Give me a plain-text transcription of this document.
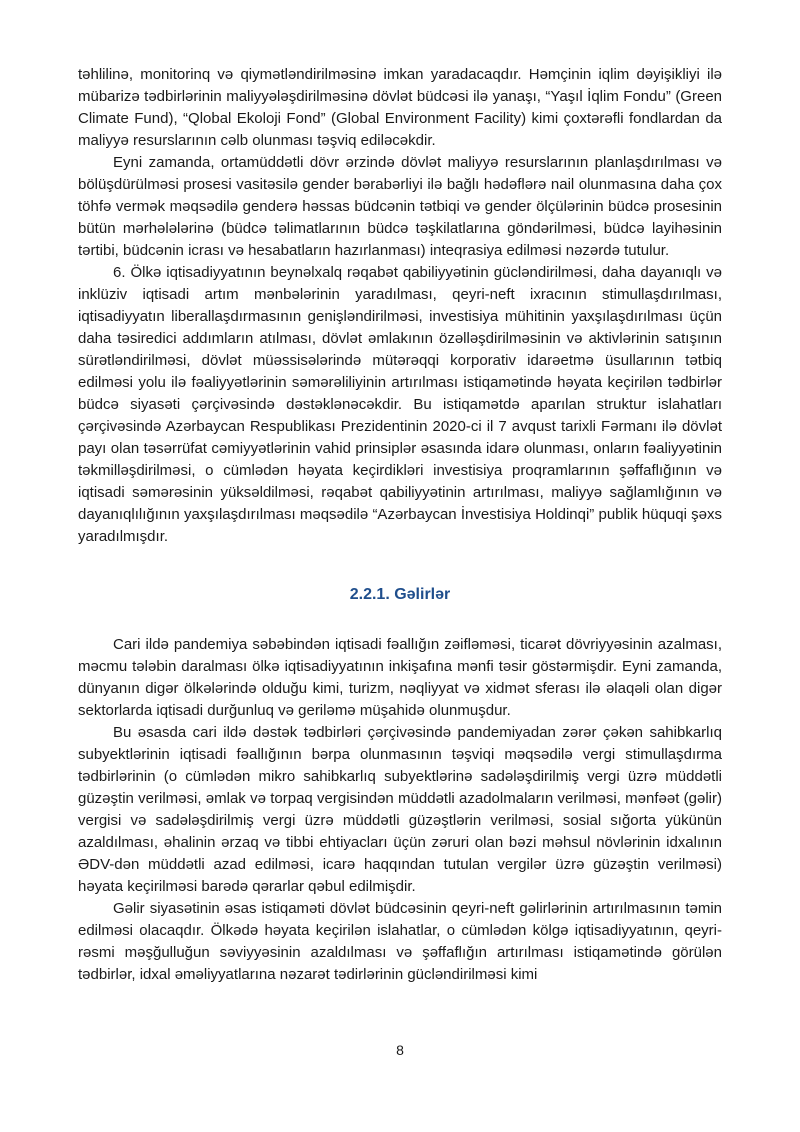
təhlilinə, monitorinq və qiymətləndirilməsinə imkan yaradacaqdır. Həmçinin iqlim dəyişikliyi ilə mübarizə tədbirlərinin maliyyələşdirilməsinə dövlət büdcəsi ilə yanaşı, “Yaşıl İqlim Fondu” (Green Climate Fund), “Qlobal Ekoloji Fond” (Global Environment Facility) kimi çoxtərəfli fondlardan da maliyyə resurslarının cəlb olunması təşviq ediləcəkdir.

Eyni zamanda, ortamüddətli dövr ərzində dövlət maliyyə resurslarının planlaşdırılması və bölüşdürülməsi prosesi vasitəsilə gender bərabərliyi ilə bağlı hədəflərə nail olunmasına daha çox töhfə vermək məqsədilə genderə həssas büdcənin tətbiqi və gender ölçülərinin büdcə prosesinin bütün mərhələlərinə (büdcə təlimatlarının büdcə təşkilatlarına göndərilməsi, büdcə layihəsinin tərtibi, büdcənin icrası və hesabatların hazırlanması) inteqrasiya edilməsi nəzərdə tutulur.

6. Ölkə iqtisadiyyatının beynəlxalq rəqabət qabiliyyətinin gücləndirilməsi, daha dayanıqlı və inklüziv iqtisadi artım mənbələrinin yaradılması, qeyri-neft ixracının stimullaşdırılması, iqtisadiyyatın liberallaşdırmasının genişləndirilməsi, investisiya mühitinin yaxşılaşdırılması üçün daha təsiredici addımların atılması, dövlət əmlakının özəlləşdirilməsinin və aktivlərinin satışının sürətləndirilməsi, dövlət müəssisələrində mütərəqqi korporativ idarəetmə üsullarının tətbiq edilməsi yolu ilə fəaliyyətlərinin səmərəliliyinin artırılması istiqamətində həyata keçirilən tədbirlər büdcə siyasəti çərçivəsində dəstəklənəcəkdir. Bu istiqamətdə aparılan struktur islahatları çərçivəsində Azərbaycan Respublikası Prezidentinin 2020-ci il 7 avqust tarixli Fərmanı ilə dövlət payı olan təsərrüfat cəmiyyətlərinin vahid prinsiplər əsasında idarə olunması, onların fəaliyyətinin təkmilləşdirilməsi, o cümlədən həyata keçirdikləri investisiya proqramlarının şəffaflığının və iqtisadi səmərəsinin yüksəldilməsi, rəqabət qabiliyyətinin artırılması, maliyyə sağlamlığının və dayanıqlılığının yaxşılaşdırılması məqsədilə “Azərbaycan İnvestisiya Holdinqi” publik hüquqi şəxs yaradılmışdır.

2.2.1. Gəlirlər

Cari ildə pandemiya səbəbindən iqtisadi fəallığın zəifləməsi, ticarət dövriyyəsinin azalması, məcmu tələbin daralması ölkə iqtisadiyyatının inkişafına mənfi təsir göstərmişdir. Eyni zamanda, dünyanın digər ölkələrində olduğu kimi, turizm, nəqliyyat və xidmət sferası ilə əlaqəli olan digər sektorlarda iqtisadi durğunluq və geriləmə müşahidə olunmuşdur.

Bu əsasda cari ildə dəstək tədbirləri çərçivəsində pandemiyadan zərər çəkən sahibkarlıq subyektlərinin iqtisadi fəallığının bərpa olunmasının təşviqi məqsədilə vergi stimullaşdırma tədbirlərinin (o cümlədən mikro sahibkarlıq subyektlərinə sadələşdirilmiş vergi üzrə müddətli güzəştin verilməsi, əmlak və torpaq vergisindən müddətli azadolmaların verilməsi, mənfəət (gəlir) vergisi və sadələşdirilmiş vergi üzrə müddətli güzəştlərin verilməsi, sosial sığorta yükünün azaldılması, əhalinin ərzaq və tibbi ehtiyacları üçün zəruri olan bəzi məhsul növlərinin idxalının ƏDV-dən müddətli azad edilməsi, icarə haqqından tutulan vergilər üzrə güzəştin verilməsi) həyata keçirilməsi barədə qərarlar qəbul edilmişdir.

Gəlir siyasətinin əsas istiqaməti dövlət büdcəsinin qeyri-neft gəlirlərinin artırılmasının təmin edilməsi olacaqdır. Ölkədə həyata keçirilən islahatlar, o cümlədən kölgə iqtisadiyyatının, qeyri-rəsmi məşğulluğun səviyyəsinin azaldılması və şəffaflığın artırılması istiqamətində görülən tədbirlər, idxal əməliyyatlarına nəzarət tədirlərinin gücləndirilməsi kimi

8
